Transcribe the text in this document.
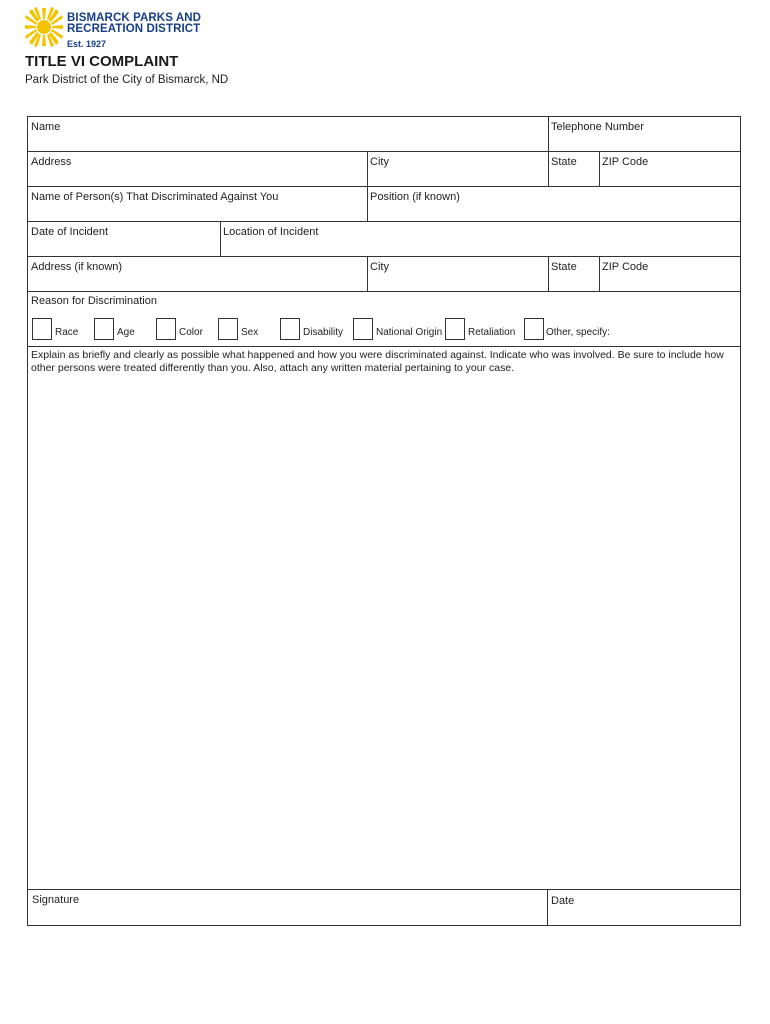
BISMARCK PARKS AND
RECREATION DISTRICT
Est. 1927
TITLE VI COMPLAINT
Park District of the City of Bismarck, ND
Name	Telephone Number
Address	City	State ZIP Code
Name of Person(s) That Discriminated Against You	Position (if known)
Date of Incident	Location of Incident
Address (if known)	City	State ZIP Code
Reason for Discrimination
Race	Age	Color	Sex	Disability	National Origin	Retaliation	Other, specify:
Explain as briefly and clearly as possible what happened and how you were discriminated against. Indicate who was involved. Be sure to include how other persons were treated differently than you. Also, attach any written material pertaining to your case.
Signature	Date
